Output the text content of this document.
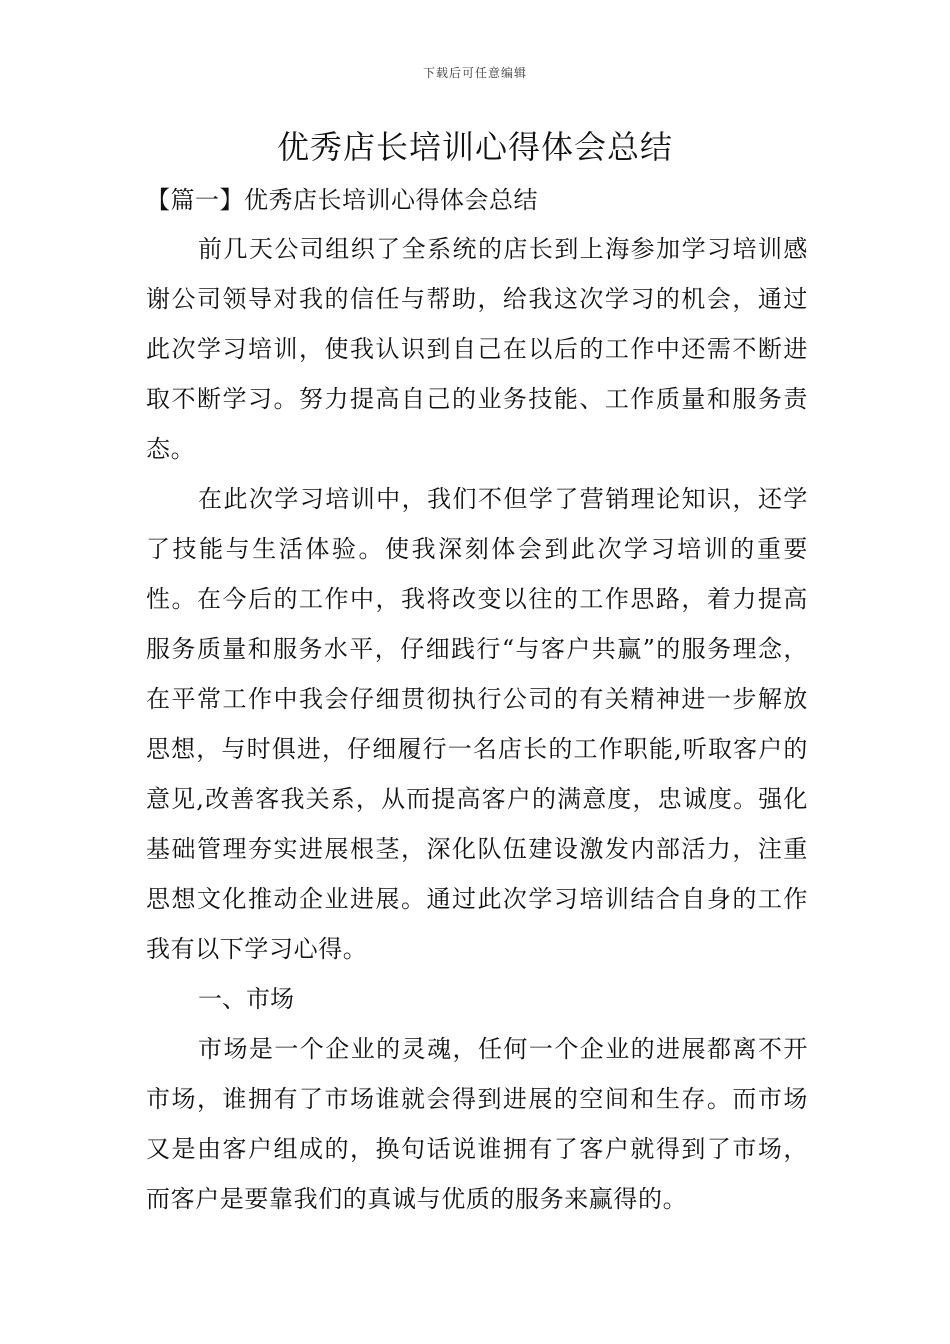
下载后可任意编辑
优秀店长培训心得体会总结
【篇一】优秀店长培训心得体会总结

前几天公司组织了全系统的店长到上海参加学习培训感谢公司领导对我的信任与帮助，给我这次学习的机会，通过此次学习培训，使我认识到自己在以后的工作中还需不断进取不断学习。努力提高自己的业务技能、工作质量和服务责态。

在此次学习培训中，我们不但学了营销理论知识，还学了技能与生活体验。使我深刻体会到此次学习培训的重要性。在今后的工作中，我将改变以往的工作思路，着力提高服务质量和服务水平，仔细践行“与客户共赢”的服务理念，在平常工作中我会仔细贯彻执行公司的有关精神进一步解放思想，与时俱进，仔细履行一名店长的工作职能,听取客户的意见,改善客我关系，从而提高客户的满意度，忠诚度。强化基础管理夯实进展根茎，深化队伍建设激发内部活力，注重思想文化推动企业进展。通过此次学习培训结合自身的工作我有以下学习心得。

一、市场

市场是一个企业的灵魂，任何一个企业的进展都离不开市场，谁拥有了市场谁就会得到进展的空间和生存。而市场又是由客户组成的，换句话说谁拥有了客户就得到了市场，而客户是要靠我们的真诚与优质的服务来赢得的。
